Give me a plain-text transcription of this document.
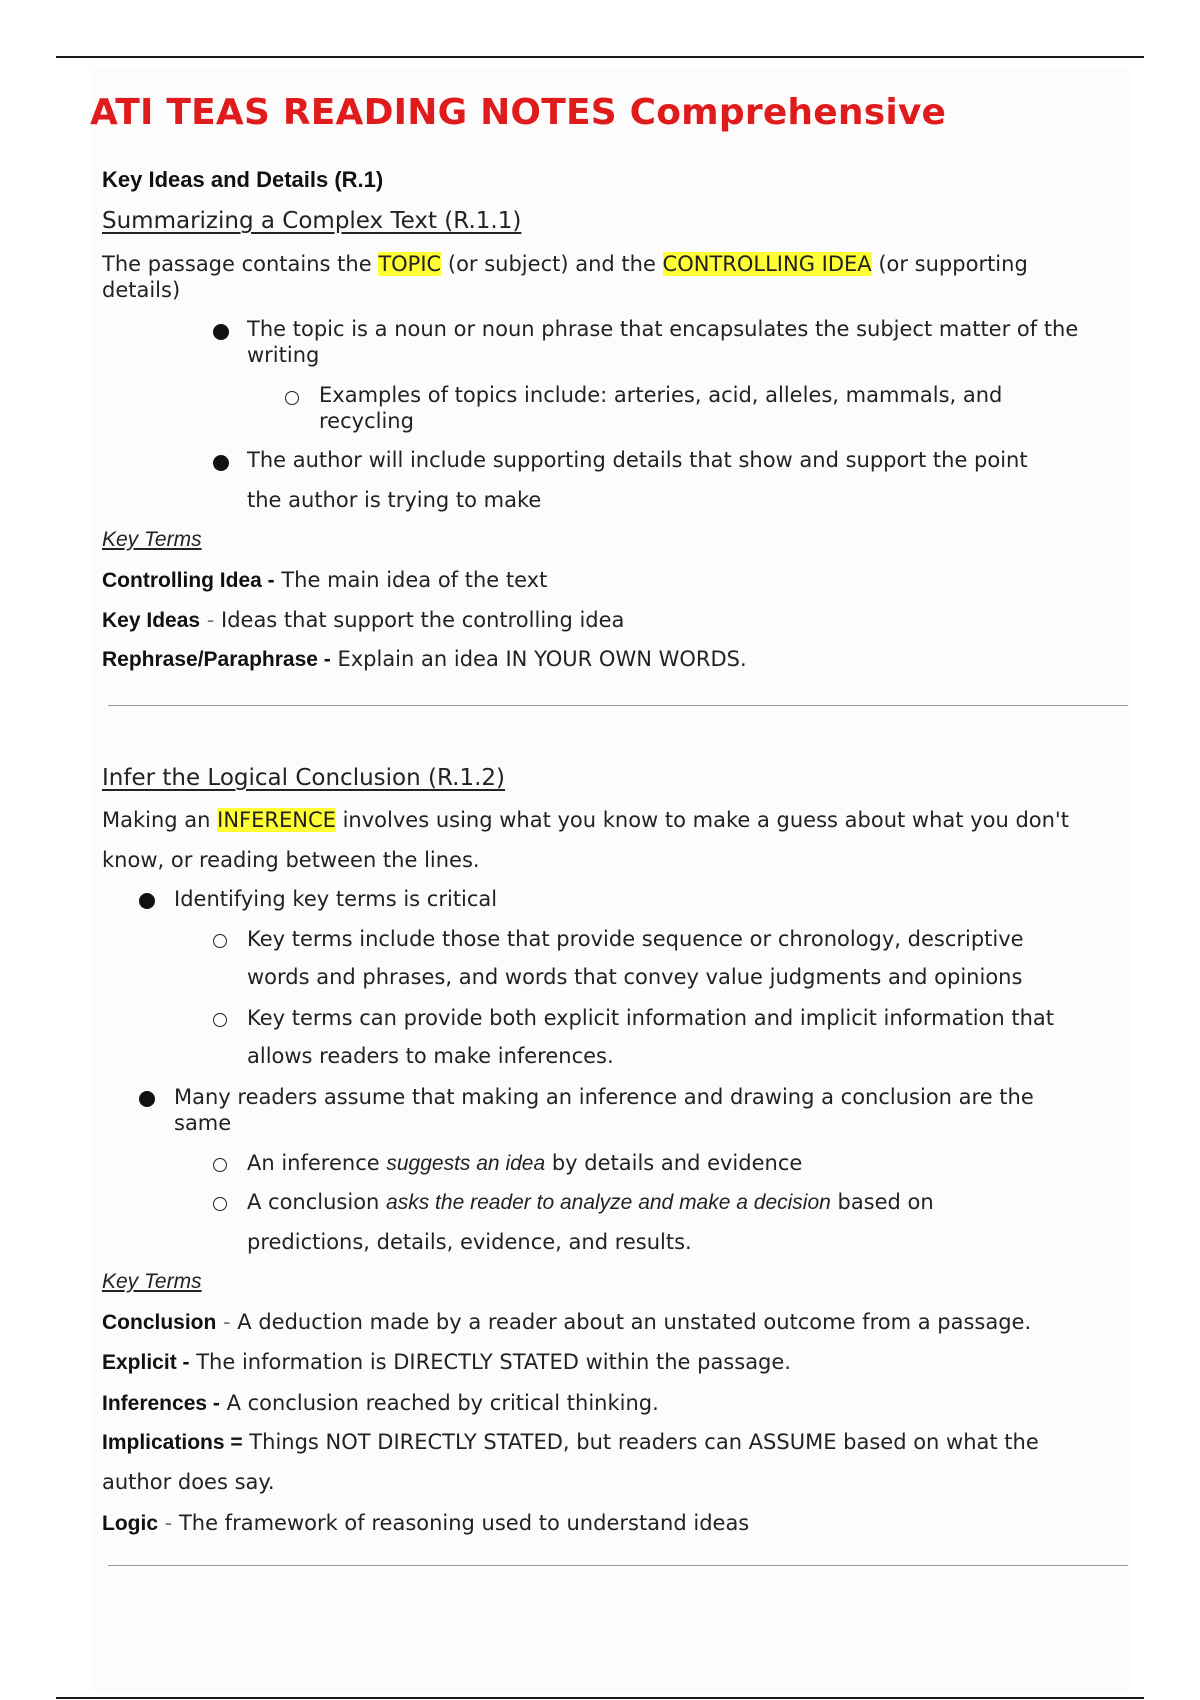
ATI TEAS READING NOTES Comprehensive
Key Ideas and Details (R.1)
Summarizing a Complex Text (R.1.1)
The passage contains the TOPIC (or subject) and the CONTROLLING IDEA (or supporting
details)
The topic is a noun or noun phrase that encapsulates the subject matter of the
writing
Examples of topics include: arteries, acid, alleles, mammals, and
recycling
The author will include supporting details that show and support the point
the author is trying to make
Key Terms
Controlling Idea - The main idea of the text
Key Ideas - Ideas that support the controlling idea
Rephrase/Paraphrase - Explain an idea IN YOUR OWN WORDS.
Infer the Logical Conclusion (R.1.2)
Making an INFERENCE involves using what you know to make a guess about what you don't
know, or reading between the lines.
Identifying key terms is critical
Key terms include those that provide sequence or chronology, descriptive
words and phrases, and words that convey value judgments and opinions
Key terms can provide both explicit information and implicit information that
allows readers to make inferences.
Many readers assume that making an inference and drawing a conclusion are the
same
An inference suggests an idea by details and evidence
A conclusion asks the reader to analyze and make a decision based on
predictions, details, evidence, and results.
Key Terms
Conclusion - A deduction made by a reader about an unstated outcome from a passage.
Explicit - The information is DIRECTLY STATED within the passage.
Inferences - A conclusion reached by critical thinking.
Implications = Things NOT DIRECTLY STATED, but readers can ASSUME based on what the
author does say.
Logic - The framework of reasoning used to understand ideas
